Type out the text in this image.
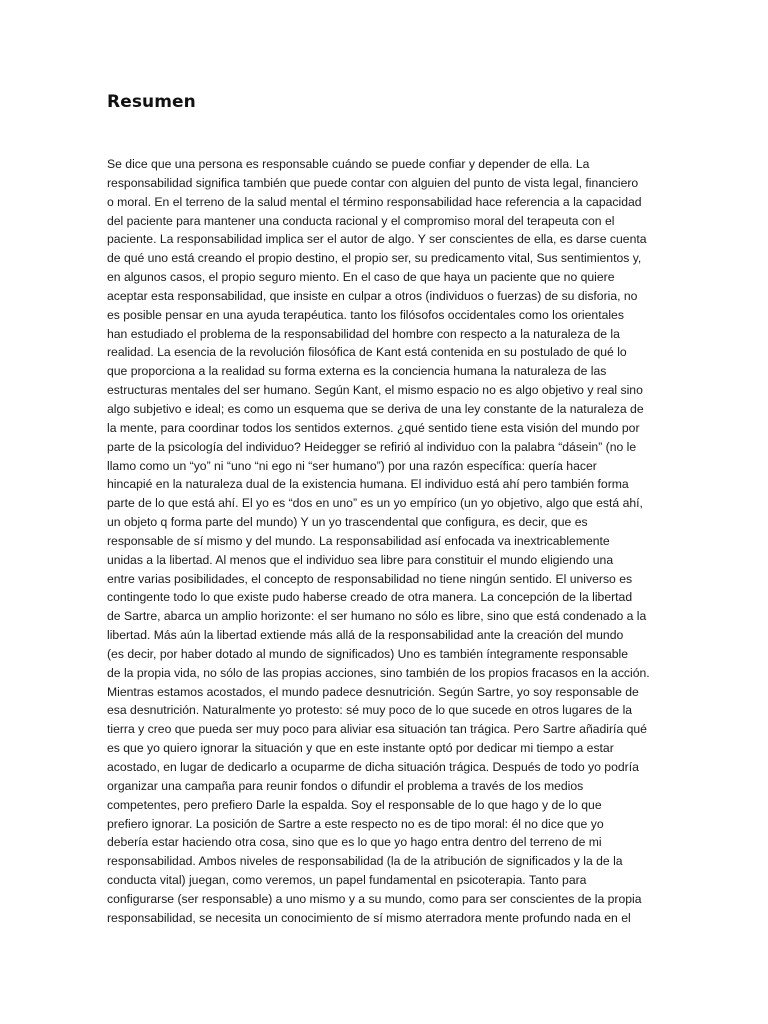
Resumen
Se dice que una persona es responsable cuándo se puede confiar y depender de ella. La
responsabilidad significa también que puede contar con alguien del punto de vista legal, financiero
o moral. En el terreno de la salud mental el término responsabilidad hace referencia a la capacidad
del paciente para mantener una conducta racional y el compromiso moral del terapeuta con el
paciente. La responsabilidad implica ser el autor de algo. Y ser conscientes de ella, es darse cuenta
de qué uno está creando el propio destino, el propio ser, su predicamento vital, Sus sentimientos y,
en algunos casos, el propio seguro miento. En el caso de que haya un paciente que no quiere
aceptar esta responsabilidad, que insiste en culpar a otros (individuos o fuerzas) de su disforia, no
es posible pensar en una ayuda terapéutica. tanto los filósofos occidentales como los orientales
han estudiado el problema de la responsabilidad del hombre con respecto a la naturaleza de la
realidad. La esencia de la revolución filosófica de Kant está contenida en su postulado de qué lo
que proporciona a la realidad su forma externa es la conciencia humana la naturaleza de las
estructuras mentales del ser humano. Según Kant, el mismo espacio no es algo objetivo y real sino
algo subjetivo e ideal; es como un esquema que se deriva de una ley constante de la naturaleza de
la mente, para coordinar todos los sentidos externos. ¿qué sentido tiene esta visión del mundo por
parte de la psicología del individuo? Heidegger se refirió al individuo con la palabra “dásein” (no le
llamo como un “yo” ni “uno “ni ego ni “ser humano”) por una razón específica: quería hacer
hincapié en la naturaleza dual de la existencia humana. El individuo está ahí pero también forma
parte de lo que está ahí. El yo es “dos en uno” es un yo empírico (un yo objetivo, algo que está ahí,
un objeto q forma parte del mundo) Y un yo trascendental que configura, es decir, que es
responsable de sí mismo y del mundo. La responsabilidad así enfocada va inextricablemente
unidas a la libertad. Al menos que el individuo sea libre para constituir el mundo eligiendo una
entre varias posibilidades, el concepto de responsabilidad no tiene ningún sentido. El universo es
contingente todo lo que existe pudo haberse creado de otra manera. La concepción de la libertad
de Sartre, abarca un amplio horizonte: el ser humano no sólo es libre, sino que está condenado a la
libertad. Más aún la libertad extiende más allá de la responsabilidad ante la creación del mundo
(es decir, por haber dotado al mundo de significados) Uno es también íntegramente responsable
de la propia vida, no sólo de las propias acciones, sino también de los propios fracasos en la acción.
Mientras estamos acostados, el mundo padece desnutrición. Según Sartre, yo soy responsable de
esa desnutrición. Naturalmente yo protesto: sé muy poco de lo que sucede en otros lugares de la
tierra y creo que pueda ser muy poco para aliviar esa situación tan trágica. Pero Sartre añadiría qué
es que yo quiero ignorar la situación y que en este instante optó por dedicar mi tiempo a estar
acostado, en lugar de dedicarlo a ocuparme de dicha situación trágica. Después de todo yo podría
organizar una campaña para reunir fondos o difundir el problema a través de los medios
competentes, pero prefiero Darle la espalda. Soy el responsable de lo que hago y de lo que
prefiero ignorar. La posición de Sartre a este respecto no es de tipo moral: él no dice que yo
debería estar haciendo otra cosa, sino que es lo que yo hago entra dentro del terreno de mi
responsabilidad. Ambos niveles de responsabilidad (la de la atribución de significados y la de la
conducta vital) juegan, como veremos, un papel fundamental en psicoterapia. Tanto para
configurarse (ser responsable) a uno mismo y a su mundo, como para ser conscientes de la propia
responsabilidad, se necesita un conocimiento de sí mismo aterradora mente profundo nada en el
